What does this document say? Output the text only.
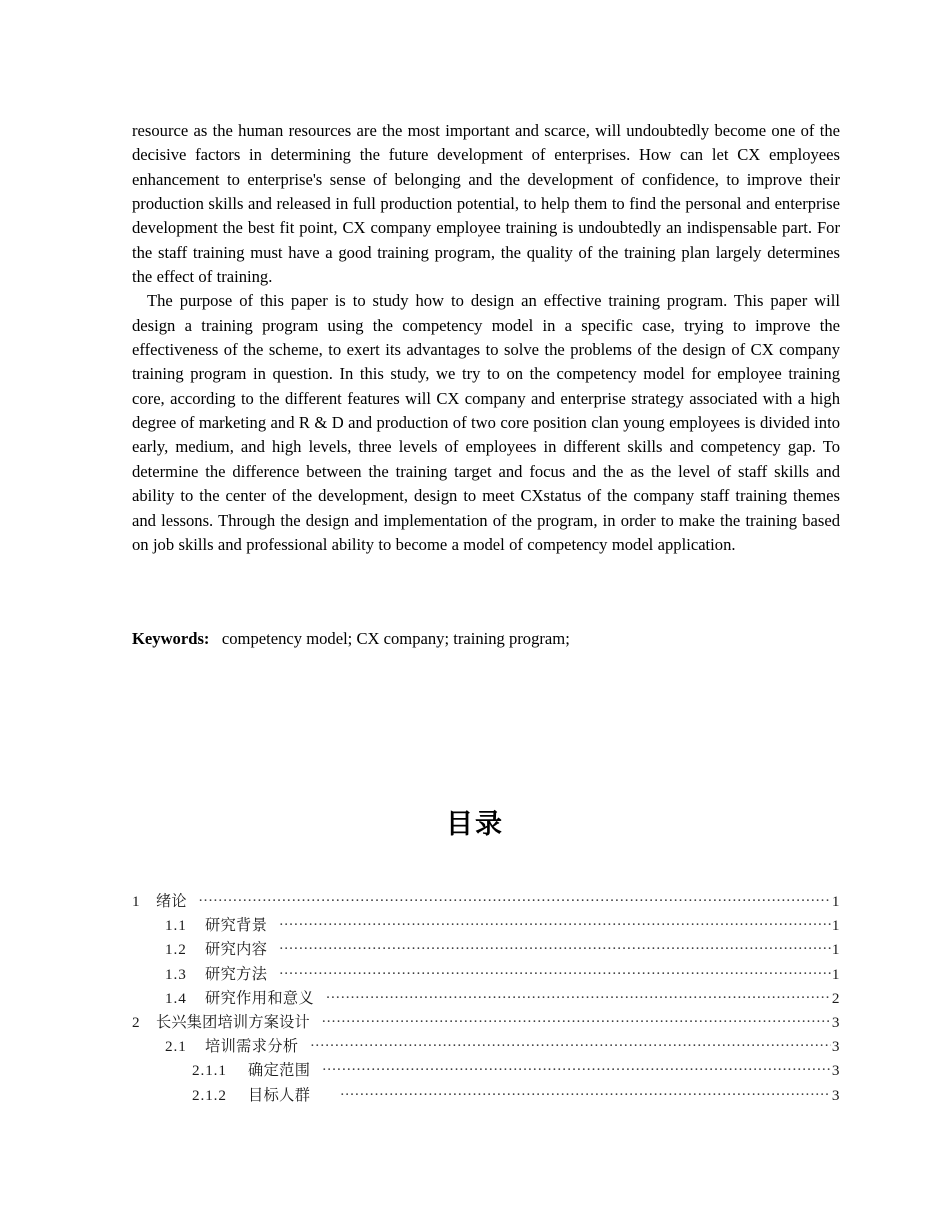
resource as the human resources are the most important and scarce, will undoubtedly become one of the decisive factors in determining the future development of enterprises. How can let CX employees enhancement to enterprise's sense of belonging and the development of confidence, to improve their production skills and released in full production potential, to help them to find the personal and enterprise development the best fit point, CX company employee training is undoubtedly an indispensable part. For the staff training must have a good training program, the quality of the training plan largely determines the effect of training.

The purpose of this paper is to study how to design an effective training program. This paper will design a training program using the competency model in a specific case, trying to improve the effectiveness of the scheme, to exert its advantages to solve the problems of the design of CX company training program in question. In this study, we try to on the competency model for employee training core, according to the different features will CX company and enterprise strategy associated with a high degree of marketing and R & D and production of two core position clan young employees is divided into early, medium, and high levels, three levels of employees in different skills and competency gap. To determine the difference between the training target and focus and the as the level of staff skills and ability to the center of the development, design to meet CXstatus of the company staff training themes and lessons. Through the design and implementation of the program, in order to make the training based on job skills and professional ability to become a model of competency model application.

Keywords: competency model; CX company; training program;
目录
1	绪论 .....	1
1.1	研究背景 .....	1
1.2	研究内容 .....	1
1.3	研究方法 .....	1
1.4	研究作用和意义 .....	2
2	长兴集团培训方案设计 .....	3
2.1	培训需求分析 .....	3
2.1.1	确定范围 .....	3
2.1.2	目标人群 .....	3
